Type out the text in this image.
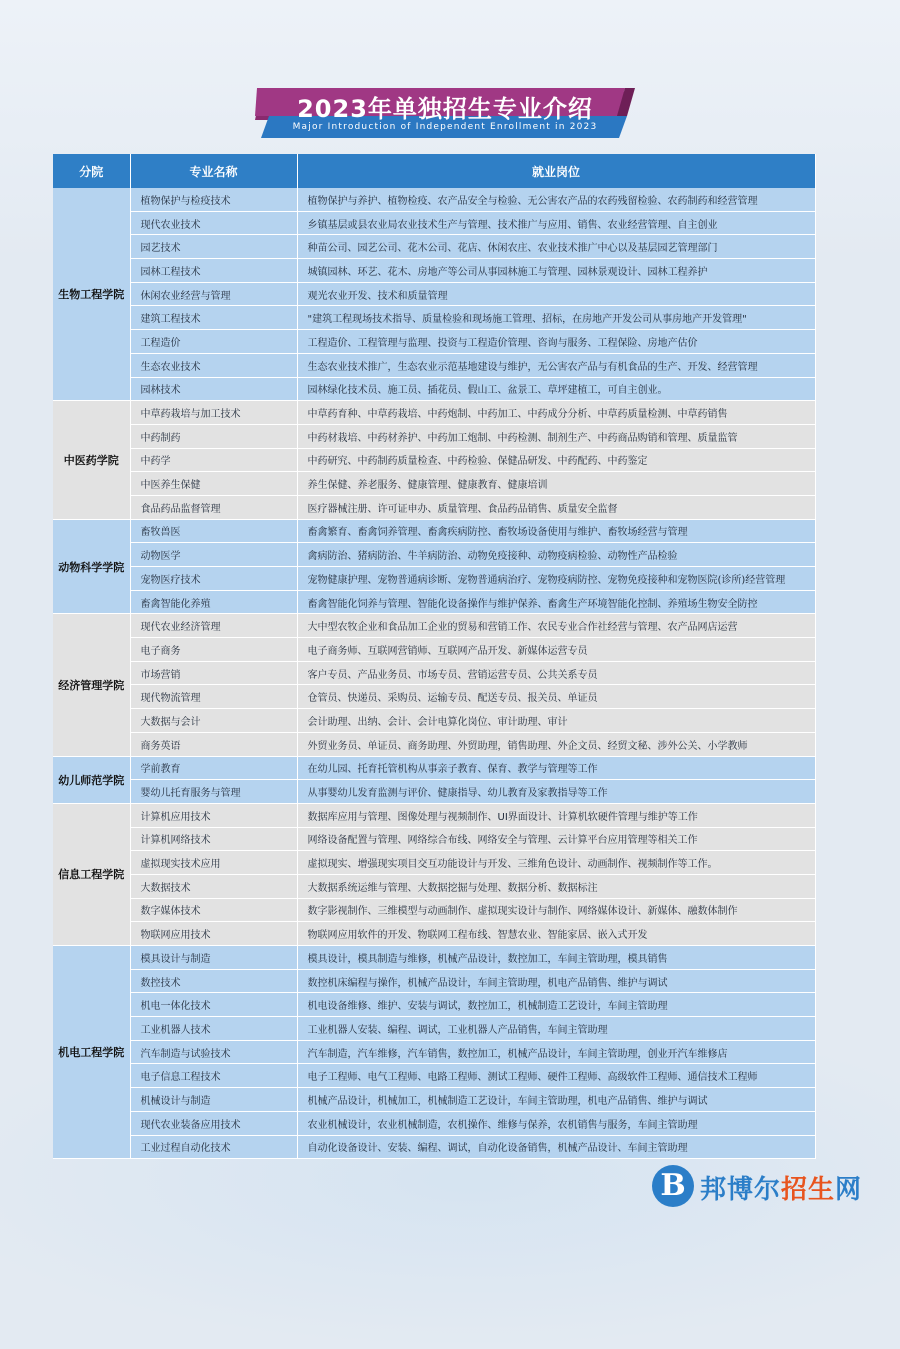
2023年单独招生专业介绍
Major Introduction of Independent Enrollment in 2023
分院	专业名称	就业岗位
生物工程学院	植物保护与检疫技术	植物保护与养护、植物检疫、农产品安全与检验、无公害农产品的农药残留检验、农药制药和经营管理
	现代农业技术	乡镇基层或县农业局农业技术生产与管理、技术推广与应用、销售、农业经营管理、自主创业
	园艺技术	种苗公司、园艺公司、花木公司、花店、休闲农庄、农业技术推广中心以及基层园艺管理部门
	园林工程技术	城镇园林、环艺、花木、房地产等公司从事园林施工与管理、园林景观设计、园林工程养护
	休闲农业经营与管理	观光农业开发、技术和质量管理
	建筑工程技术	"建筑工程现场技术指导、质量检验和现场施工管理、招标，在房地产开发公司从事房地产开发管理"
	工程造价	工程造价、工程管理与监理、投资与工程造价管理、咨询与服务、工程保险、房地产估价
	生态农业技术	生态农业技术推广，生态农业示范基地建设与维护，无公害农产品与有机食品的生产、开发、经营管理
	园林技术	园林绿化技术员、施工员、插花员、假山工、盆景工、草坪建植工，可自主创业。
中医药学院	中草药栽培与加工技术	中草药育种、中草药栽培、中药炮制、中药加工、中药成分分析、中草药质量检测、中草药销售
	中药制药	中药材栽培、中药材养护、中药加工炮制、中药检测、制剂生产、中药商品购销和管理、质量监管
	中药学	中药研究、中药制药质量检查、中药检验、保健品研发、中药配药、中药鉴定
	中医养生保健	养生保健、养老服务、健康管理、健康教育、健康培训
	食品药品监督管理	医疗器械注册、许可证申办、质量管理、食品药品销售、质量安全监督
动物科学学院	畜牧兽医	畜禽繁育、畜禽饲养管理、畜禽疾病防控、畜牧场设备使用与维护、畜牧场经营与管理
	动物医学	禽病防治、猪病防治、牛羊病防治、动物免疫接种、动物疫病检验、动物性产品检验
	宠物医疗技术	宠物健康护理、宠物普通病诊断、宠物普通病治疗、宠物疫病防控、宠物免疫接种和宠物医院(诊所)经营管理
	畜禽智能化养殖	畜禽智能化饲养与管理、智能化设备操作与维护保养、畜禽生产环境智能化控制、养殖场生物安全防控
经济管理学院	现代农业经济管理	大中型农牧企业和食品加工企业的贸易和营销工作、农民专业合作社经营与管理、农产品网店运营
	电子商务	电子商务师、互联网营销师、互联网产品开发、新媒体运营专员
	市场营销	客户专员、产品业务员、市场专员、营销运营专员、公共关系专员
	现代物流管理	仓管员、快递员、采购员、运输专员、配送专员、报关员、单证员
	大数据与会计	会计助理、出纳、会计、会计电算化岗位、审计助理、审计
	商务英语	外贸业务员、单证员、商务助理、外贸助理，销售助理、外企文员、经贸文秘、涉外公关、小学教师
幼儿师范学院	学前教育	在幼儿园、托育托管机构从事亲子教育、保育、教学与管理等工作
	婴幼儿托育服务与管理	从事婴幼儿发育监测与评价、健康指导、幼儿教育及家教指导等工作
信息工程学院	计算机应用技术	数据库应用与管理、图像处理与视频制作、UI界面设计、计算机软硬件管理与维护等工作
	计算机网络技术	网络设备配置与管理、网络综合布线、网络安全与管理、云计算平台应用管理等相关工作
	虚拟现实技术应用	虚拟现实、增强现实项目交互功能设计与开发、三维角色设计、动画制作、视频制作等工作。
	大数据技术	大数据系统运维与管理、大数据挖掘与处理、数据分析、数据标注
	数字媒体技术	数字影视制作、三维模型与动画制作、虚拟现实设计与制作、网络媒体设计、新媒体、融数体制作
	物联网应用技术	物联网应用软件的开发、物联网工程布线、智慧农业、智能家居、嵌入式开发
机电工程学院	模具设计与制造	模具设计，模具制造与维修，机械产品设计，数控加工，车间主管助理，模具销售
	数控技术	数控机床编程与操作，机械产品设计，车间主管助理，机电产品销售、维护与调试
	机电一体化技术	机电设备维修、维护、安装与调试，数控加工，机械制造工艺设计，车间主管助理
	工业机器人技术	工业机器人安装、编程、调试，工业机器人产品销售，车间主管助理
	汽车制造与试验技术	汽车制造，汽车维修，汽车销售，数控加工，机械产品设计，车间主管助理，创业开汽车维修店
	电子信息工程技术	电子工程师、电气工程师、电路工程师、测试工程师、硬件工程师、高级软件工程师、通信技术工程师
	机械设计与制造	机械产品设计，机械加工，机械制造工艺设计，车间主管助理，机电产品销售、维护与调试
	现代农业装备应用技术	农业机械设计，农业机械制造，农机操作、维修与保养，农机销售与服务，车间主管助理
	工业过程自动化技术	自动化设备设计、安装、编程、调试，自动化设备销售，机械产品设计、车间主管助理
B 邦博尔招生网
